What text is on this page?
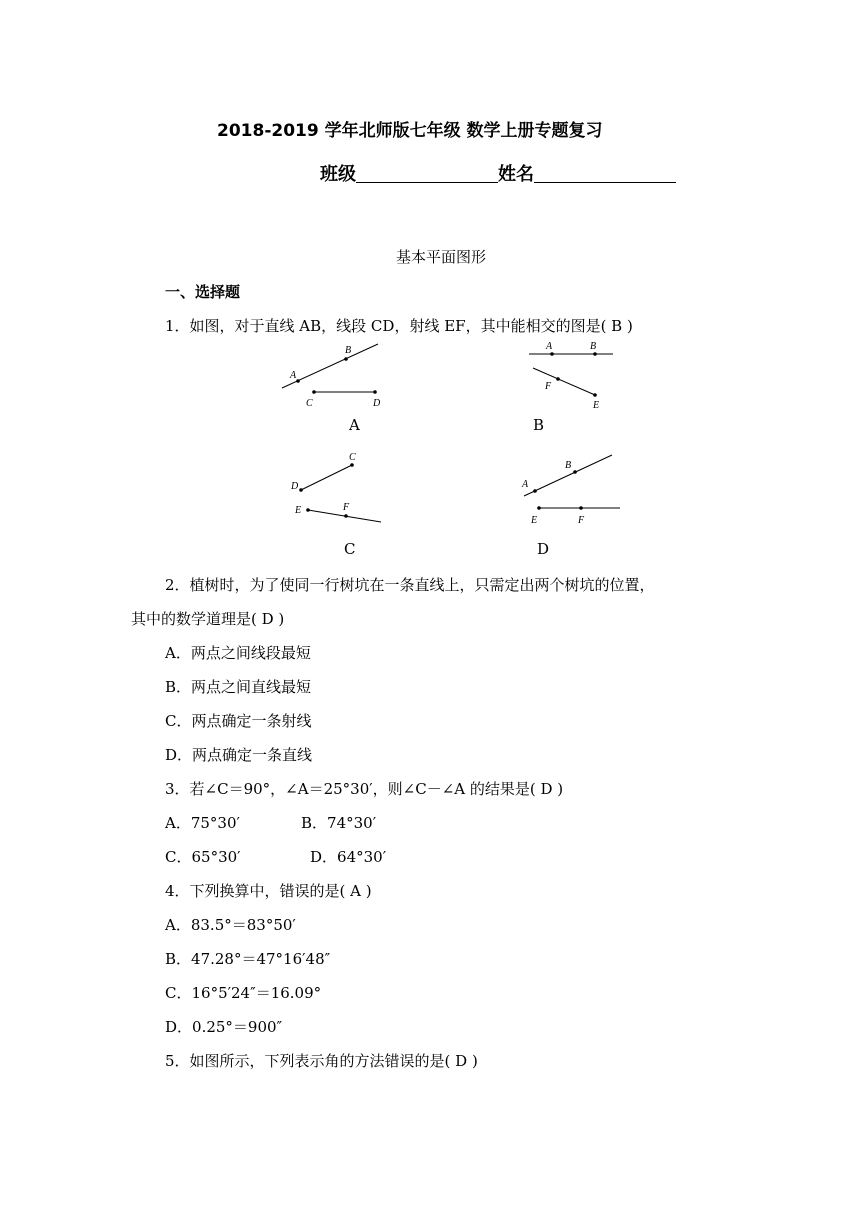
2018-2019 学年北师版七年级 数学上册专题复习
班级	姓名
基本平面图形
一、选择题
1．如图，对于直线 AB，线段 CD，射线 EF，其中能相交的图是( B )
A
B
C	D
A
A	B
F
E
B
C
D
E	F
C
A
B
E	F
D
2．植树时，为了使同一行树坑在一条直线上，只需定出两个树坑的位置，
其中的数学道理是( D )
A．两点之间线段最短
B．两点之间直线最短
C．两点确定一条射线
D．两点确定一条直线
3．若∠C＝90°，∠A＝25°30′，则∠C－∠A 的结果是( D )
A．75°30′	B．74°30′
C．65°30′	D．64°30′
4．下列换算中，错误的是( A )
A．83.5°＝83°50′
B．47.28°＝47°16′48″
C．16°5′24″＝16.09°
D．0.25°＝900″
5．如图所示，下列表示角的方法错误的是( D )
